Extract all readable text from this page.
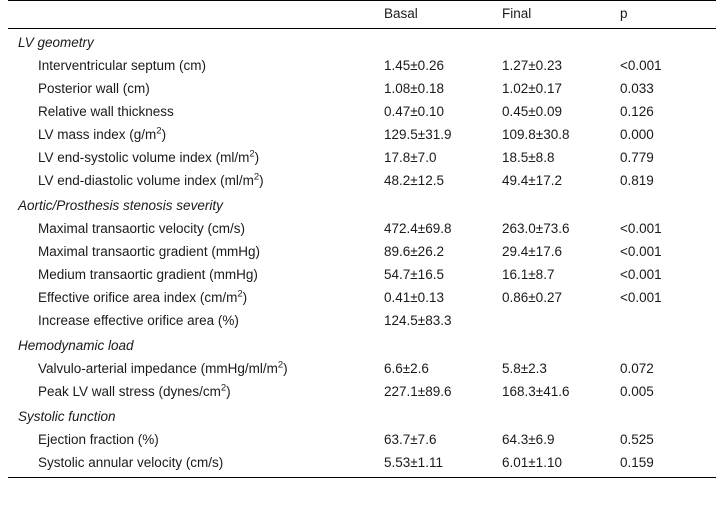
	Basal	Final	p
LV geometry			
Interventricular septum (cm)	1.45±0.26	1.27±0.23	<0.001
Posterior wall (cm)	1.08±0.18	1.02±0.17	0.033
Relative wall thickness	0.47±0.10	0.45±0.09	0.126
LV mass index $(g/m^2)$	129.5±31.9	109.8±30.8	0.000
LV end-systolic volume index $(ml/m^2)$	17.8±7.0	18.5±8.8	0.779
LV end-diastolic volume index $(ml/m^2)$	48.2±12.5	49.4±17.2	0.819
Aortic/Prosthesis stenosis severity			
Maximal transaortic velocity (cm/s)	472.4±69.8	263.0±73.6	<0.001
Maximal transaortic gradient (mmHg)	89.6±26.2	29.4±17.6	<0.001
Medium transaortic gradient (mmHg)	54.7±16.5	16.1±8.7	<0.001
Effective orifice area index $(cm/m^2)$	0.41±0.13	0.86±0.27	<0.001
Increase effective orifice area (%)	124.5±83.3		
Hemodynamic load			
Valvulo-arterial impedance $(mmHg/ml/m^2)$	6.6±2.6	5.8±2.3	0.072
Peak LV wall stress $(dynes/cm^2)$	227.1±89.6	168.3±41.6	0.005
Systolic function			
Ejection fraction (%)	63.7±7.6	64.3±6.9	0.525
Systolic annular velocity (cm/s)	5.53±1.11	6.01±1.10	0.159
